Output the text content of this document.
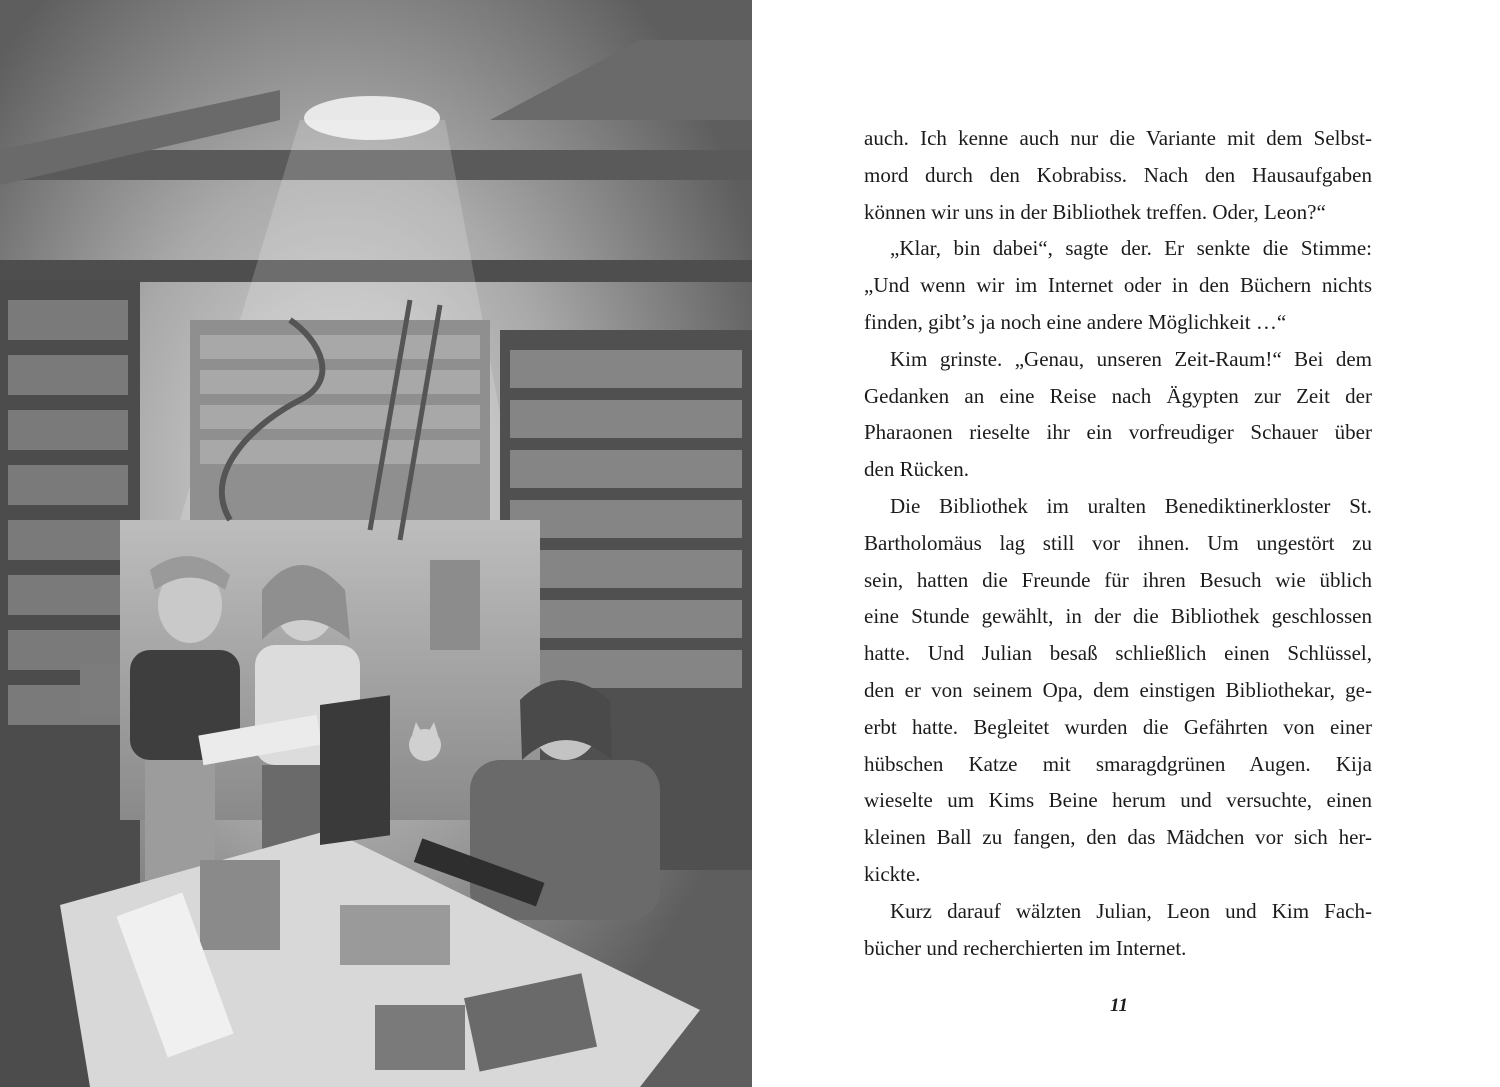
auch. Ich kenne auch nur die Variante mit dem Selbst-
mord durch den Kobrabiss. Nach den Hausaufgaben
können wir uns in der Bibliothek treffen. Oder, Leon?“
„Klar, bin dabei“, sagte der. Er senkte die Stimme:
„Und wenn wir im Internet oder in den Büchern nichts
finden, gibt’s ja noch eine andere Möglichkeit …“
Kim grinste. „Genau, unseren Zeit-Raum!“ Bei dem
Gedanken an eine Reise nach Ägypten zur Zeit der
Pharaonen rieselte ihr ein vorfreudiger Schauer über
den Rücken.
Die Bibliothek im uralten Benediktinerkloster St.
Bartholomäus lag still vor ihnen. Um ungestört zu
sein, hatten die Freunde für ihren Besuch wie üblich
eine Stunde gewählt, in der die Bibliothek geschlossen
hatte. Und Julian besaß schließlich einen Schlüssel,
den er von seinem Opa, dem einstigen Bibliothekar, ge-
erbt hatte. Begleitet wurden die Gefährten von einer
hübschen Katze mit smaragdgrünen Augen. Kija
wieselte um Kims Beine herum und versuchte, einen
kleinen Ball zu fangen, den das Mädchen vor sich her-
kickte.
Kurz darauf wälzten Julian, Leon und Kim Fach-
bücher und recherchierten im Internet.
11
